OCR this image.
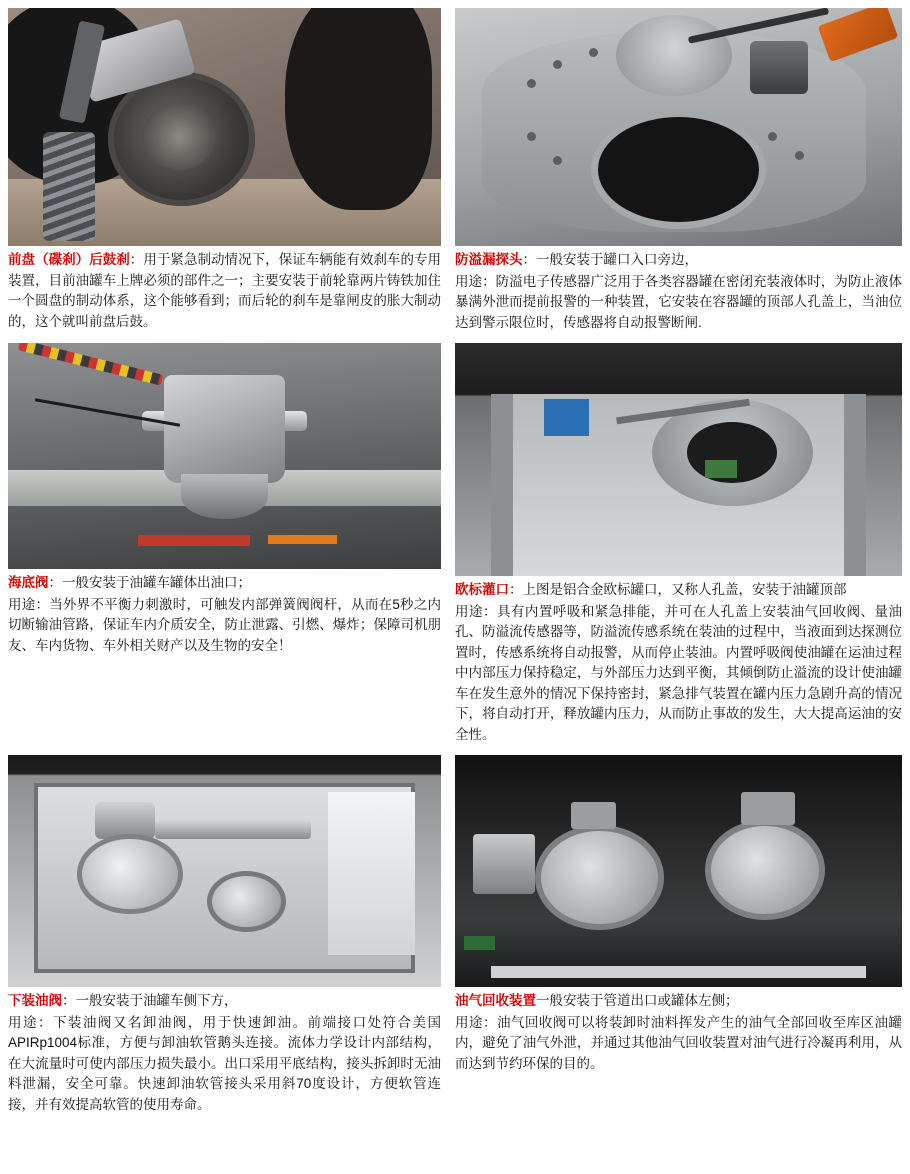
前盘（碟刹）后鼓刹：用于紧急制动情况下，保证车辆能有效刹车的专用装置，目前油罐车上牌必须的部件之一；主要安装于前轮靠两片铸铁加住一个圆盘的制动体系，这个能够看到；而后轮的刹车是靠闸皮的胀大制动的，这个就叫前盘后鼓。

防溢漏探头：一般安装于罐口入口旁边，

用途：防溢电子传感器广泛用于各类容器罐在密闭充装液体时，为防止液体暴满外泄而提前报警的一种装置，它安装在容器罐的顶部人孔盖上，当油位达到警示限位时，传感器将自动报警断闸.

海底阀：一般安装于油罐车罐体出油口；

用途：当外界不平衡力刺激时，可触发内部弹簧阀阀杆，从而在5秒之内切断输油管路，保证车内介质安全，防止泄露、引燃、爆炸；保障司机朋友、车内货物、车外相关财产以及生物的安全！

欧标灌口：上图是铝合金欧标罐口，又称人孔盖，安装于油罐顶部

用途：具有内置呼吸和紧急排能，并可在人孔盖上安装油气回收阀、量油孔、防溢流传感器等，防溢流传感系统在装油的过程中，当液面到达探测位置时，传感系统将自动报警，从而停止装油。内置呼吸阀使油罐在运油过程中内部压力保持稳定，与外部压力达到平衡，其倾倒防止溢流的设计使油罐车在发生意外的情况下保持密封，紧急排气装置在罐内压力急剧升高的情况下，将自动打开，释放罐内压力，从而防止事故的发生，大大提高运油的安全性。

下装油阀：一般安装于油罐车侧下方，

用途：下装油阀又名卸油阀，用于快速卸油。前端接口处符合美国APIRp1004标准，方便与卸油软管鹅头连接。流体力学设计内部结构，在大流量时可使内部压力损失最小。出口采用平底结构，接头拆卸时无油料泄漏，安全可靠。快速卸油软管接头采用斜70度设计，方便软管连接，并有效提高软管的使用寿命。

油气回收装置一般安装于管道出口或罐体左侧；

用途：油气回收阀可以将装卸时油料挥发产生的油气全部回收至库区油罐内，避免了油气外泄，并通过其他油气回收装置对油气进行冷凝再利用，从而达到节约环保的目的。
